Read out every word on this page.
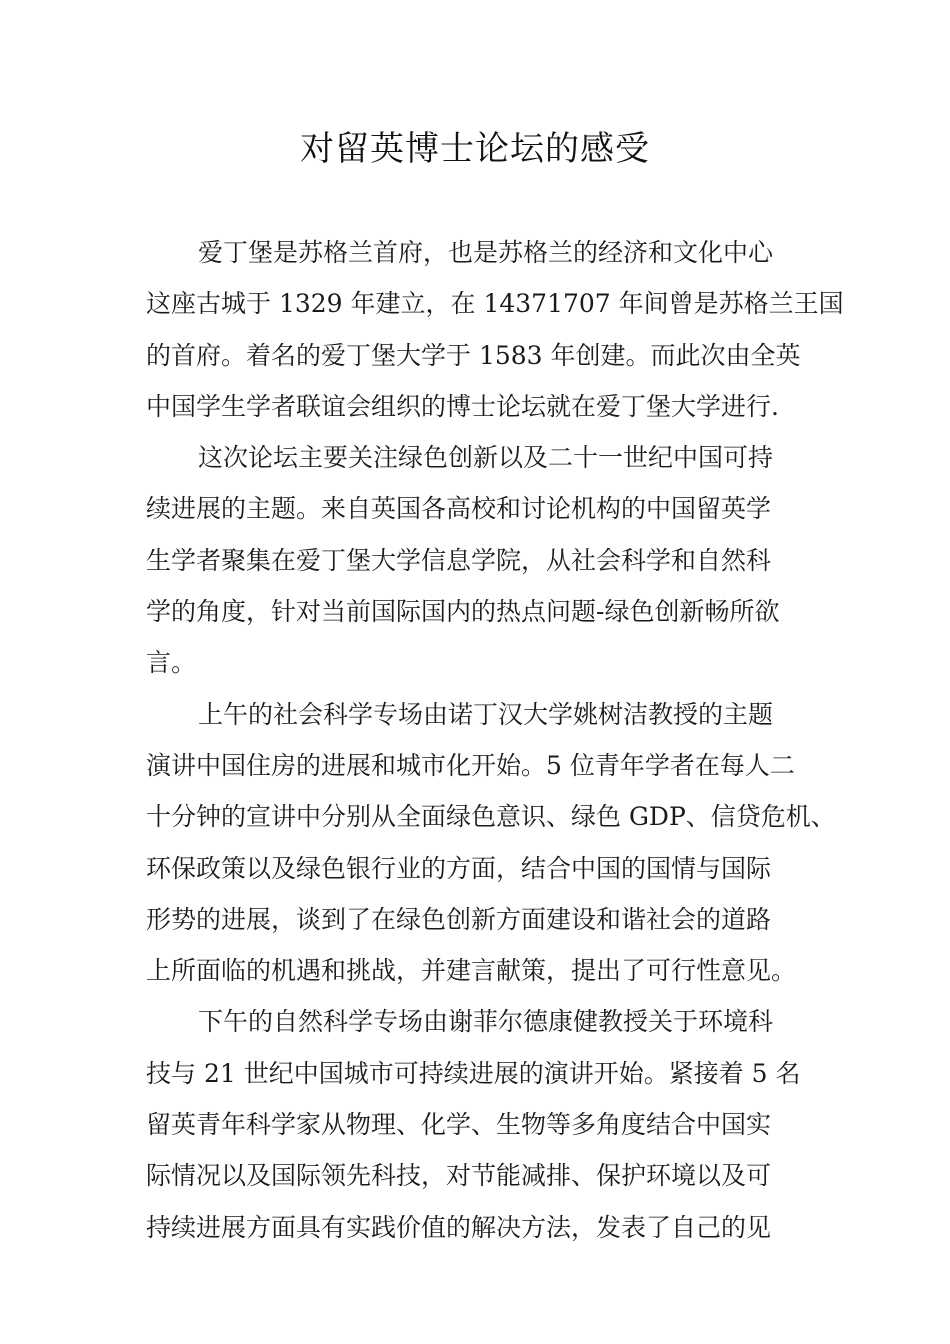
对留英博士论坛的感受
爱丁堡是苏格兰首府，也是苏格兰的经济和文化中心
这座古城于 1329 年建立，在 14371707 年间曾是苏格兰王国
的首府。着名的爱丁堡大学于 1583 年创建。而此次由全英
中国学生学者联谊会组织的博士论坛就在爱丁堡大学进行.
这次论坛主要关注绿色创新以及二十一世纪中国可持
续进展的主题。来自英国各高校和讨论机构的中国留英学
生学者聚集在爱丁堡大学信息学院，从社会科学和自然科
学的角度，针对当前国际国内的热点问题-绿色创新畅所欲
言。
上午的社会科学专场由诺丁汉大学姚树洁教授的主题
演讲中国住房的进展和城市化开始。5 位青年学者在每人二
十分钟的宣讲中分别从全面绿色意识、绿色 GDP、信贷危机、
环保政策以及绿色银行业的方面，结合中国的国情与国际
形势的进展，谈到了在绿色创新方面建设和谐社会的道路
上所面临的机遇和挑战，并建言献策，提出了可行性意见。
下午的自然科学专场由谢菲尔德康健教授关于环境科
技与 21 世纪中国城市可持续进展的演讲开始。紧接着 5 名
留英青年科学家从物理、化学、生物等多角度结合中国实
际情况以及国际领先科技，对节能减排、保护环境以及可
持续进展方面具有实践价值的解决方法，发表了自己的见
